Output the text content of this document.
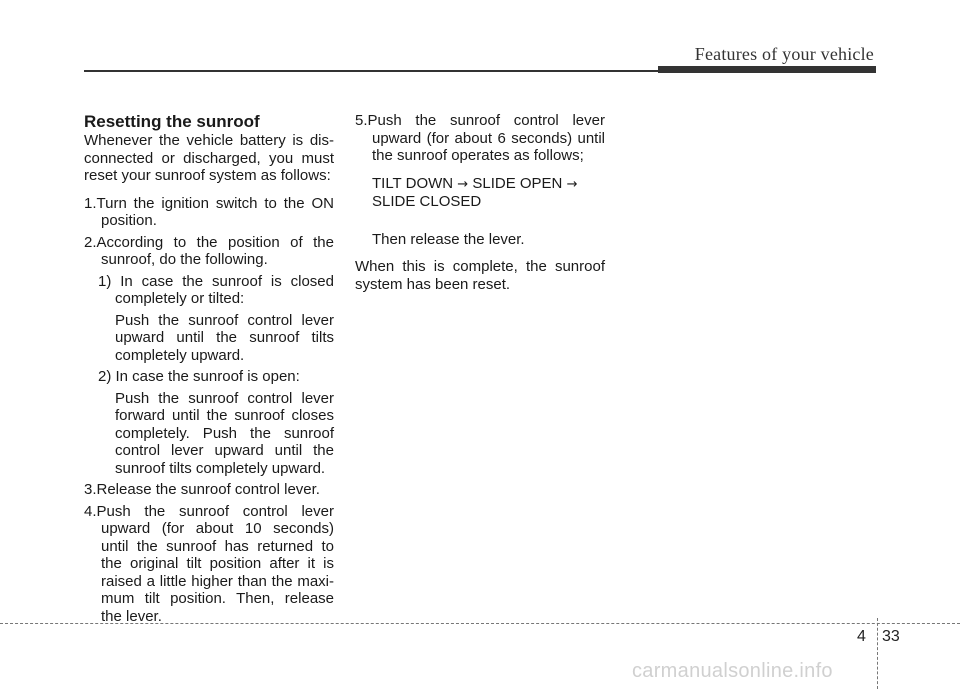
Features of your vehicle

Resetting the sunroof

Whenever the vehicle battery is dis-connected or discharged, you must reset your sunroof system as follows:

1.Turn the ignition switch to the ON position.

2.According to the position of the sunroof, do the following.

1) In case the sunroof is closed completely or tilted:

Push the sunroof control lever upward until the sunroof tilts completely upward.

2) In case the sunroof is open:

Push the sunroof control lever forward until the sunroof closes completely. Push the sunroof control lever upward until the sunroof tilts completely upward.

3.Release the sunroof control lever.

4.Push the sunroof control lever upward (for about 10 seconds) until the sunroof has returned to the original tilt position after it is raised a little higher than the maxi-mum tilt position. Then, release the lever.

5.Push the sunroof control lever upward (for about 6 seconds) until the sunroof operates as follows;

TILT DOWN → SLIDE OPEN →
SLIDE CLOSED

Then release the lever.

When this is complete, the sunroof system has been reset.

4 33
carmanualsonline.info
